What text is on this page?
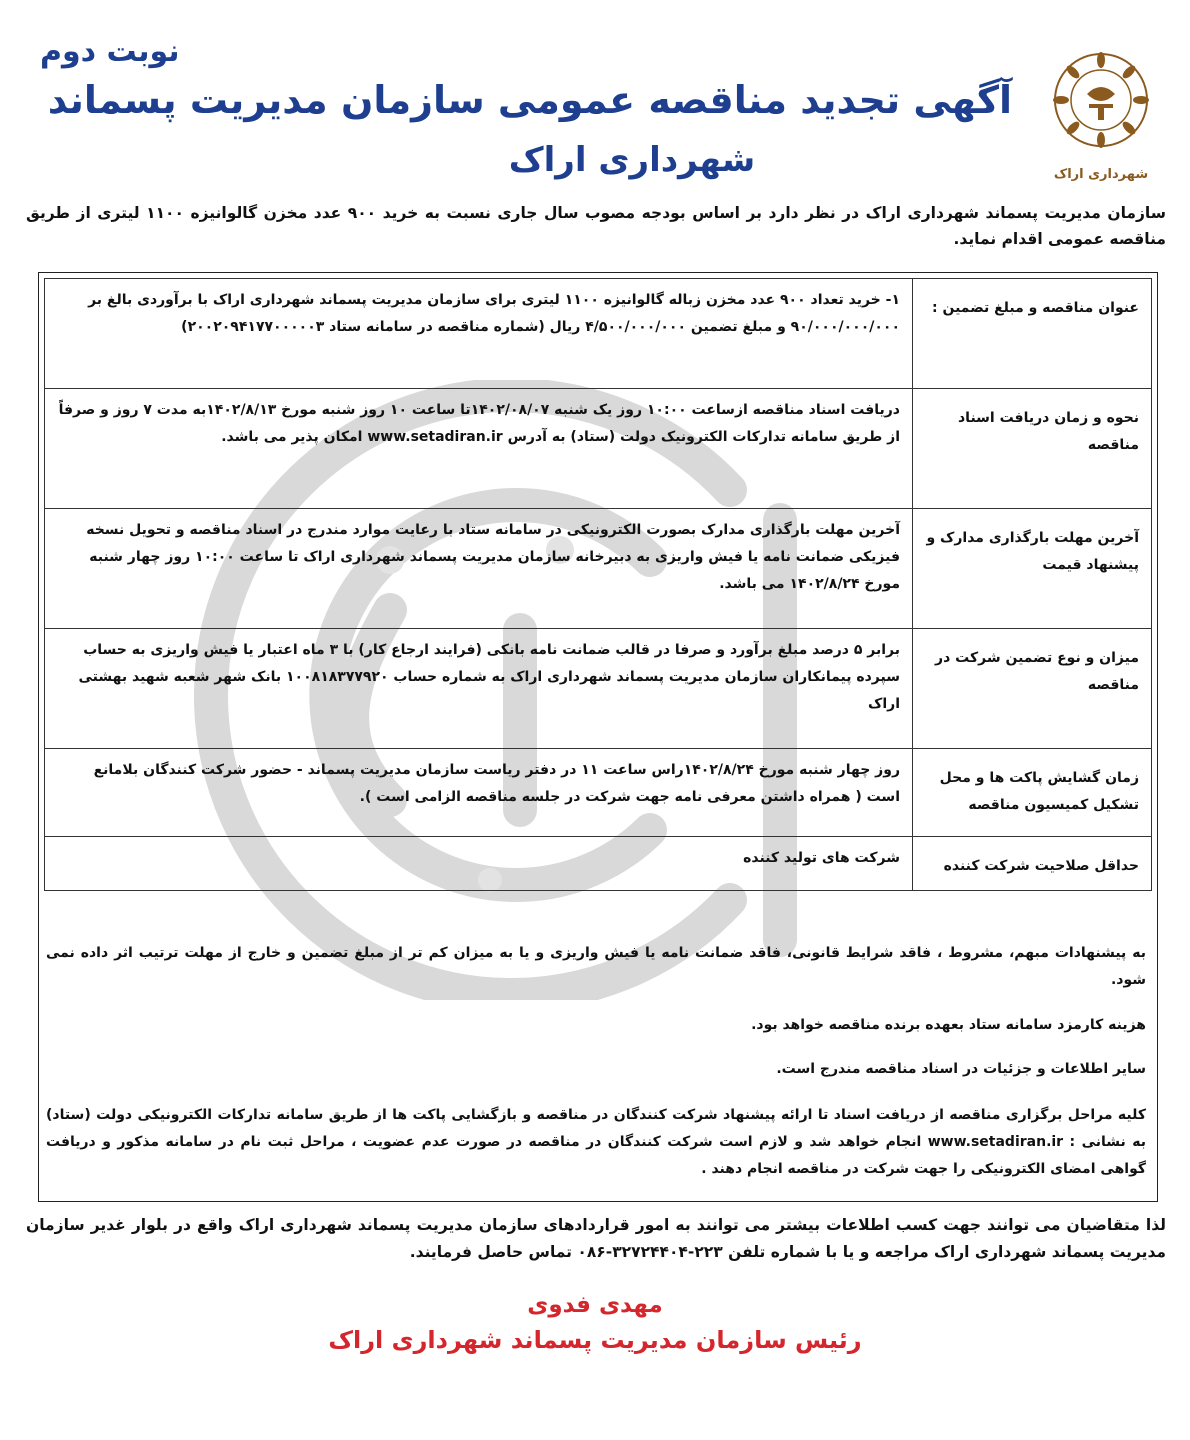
شهرداری اراک
نوبت دوم
آگهی تجدید مناقصه عمومی سازمان مدیریت پسماند
شهرداری اراک
سازمان مدیریت پسماند شهرداری اراک در نظر دارد بر اساس بودجه مصوب سال جاری نسبت به خرید ۹۰۰ عدد مخزن گالوانیزه ۱۱۰۰ لیتری از طریق مناقصه عمومی اقدام نماید.
عنوان مناقصه و مبلغ تضمین :	۱- خرید تعداد ۹۰۰ عدد مخزن زباله گالوانیزه ۱۱۰۰ لیتری برای سازمان مدیریت پسماند شهرداری اراک با برآوردی بالغ بر ۹۰/۰۰۰/۰۰۰/۰۰۰ و مبلغ تضمین ۴/۵۰۰/۰۰۰/۰۰۰ ریال (شماره مناقصه در سامانه ستاد ۲۰۰۲۰۹۴۱۷۷۰۰۰۰۰۳)
نحوه و زمان دریافت اسناد مناقصه	دریافت اسناد مناقصه ازساعت ۱۰:۰۰ روز یک شنبه ۱۴۰۲/۰۸/۰۷تا ساعت ۱۰ روز شنبه مورخ ۱۴۰۲/۸/۱۳به مدت ۷ روز و صرفاً از طریق سامانه تدارکات الکترونیک دولت (ستاد) به آدرس www.setadiran.ir امکان پذیر می باشد.
آخرین مهلت بارگذاری مدارک و پیشنهاد قیمت	آخرین مهلت بارگذاری مدارک بصورت الکترونیکی در سامانه ستاد با رعایت موارد مندرج در اسناد مناقصه و تحویل نسخه فیزیکی ضمانت نامه یا فیش واریزی به دبیرخانه سازمان مدیریت پسماند شهرداری اراک تا ساعت ۱۰:۰۰ روز چهار شنبه مورخ ۱۴۰۲/۸/۲۴ می باشد.
میزان و نوع تضمین شرکت در مناقصه	برابر ۵ درصد مبلغ برآورد و صرفا در قالب ضمانت نامه بانکی (فرایند ارجاع کار) با ۳ ماه اعتبار یا فیش واریزی به حساب سپرده پیمانکاران سازمان مدیریت پسماند شهرداری اراک به شماره حساب ۱۰۰۸۱۸۳۷۷۹۲۰ بانک شهر شعبه شهید بهشتی اراک
زمان گشایش پاکت ها و محل تشکیل کمیسیون مناقصه	روز چهار شنبه مورخ ۱۴۰۲/۸/۲۴راس ساعت ۱۱ در دفتر ریاست سازمان مدیریت پسماند - حضور شرکت کنندگان بلامانع است ( همراه داشتن معرفی نامه جهت شرکت در جلسه مناقصه الزامی است ).
حداقل صلاحیت شرکت کننده	شرکت های تولید کننده
به پیشنهادات مبهم، مشروط ، فاقد شرایط قانونی، فاقد ضمانت نامه یا فیش واریزی و یا به میزان کم تر از مبلغ تضمین و خارج از مهلت ترتیب اثر داده نمی شود.
هزینه کارمزد سامانه ستاد بعهده برنده مناقصه خواهد بود.
سایر اطلاعات و جزئیات در اسناد مناقصه مندرج است.
کلیه مراحل برگزاری مناقصه از دریافت اسناد تا ارائه پیشنهاد شرکت کنندگان در مناقصه و بازگشایی پاکت ها از طریق سامانه تدارکات الکترونیکی دولت (ستاد) به نشانی : www.setadiran.ir انجام خواهد شد و لازم است شرکت کنندگان در مناقصه در صورت عدم عضویت ، مراحل ثبت نام در سامانه مذکور و دریافت گواهی امضای الکترونیکی را جهت شرکت در مناقصه انجام دهند .
لذا متقاضیان می توانند جهت کسب اطلاعات بیشتر می توانند به امور قراردادهای سازمان مدیریت پسماند شهرداری اراک واقع در بلوار غدیر سازمان مدیریت پسماند شهرداری اراک مراجعه و یا با شماره تلفن ۲۲۳-۳۲۷۲۴۴۰۴-۰۸۶ تماس حاصل فرمایند.
مهدی فدوی
رئیس سازمان مدیریت پسماند شهرداری اراک
